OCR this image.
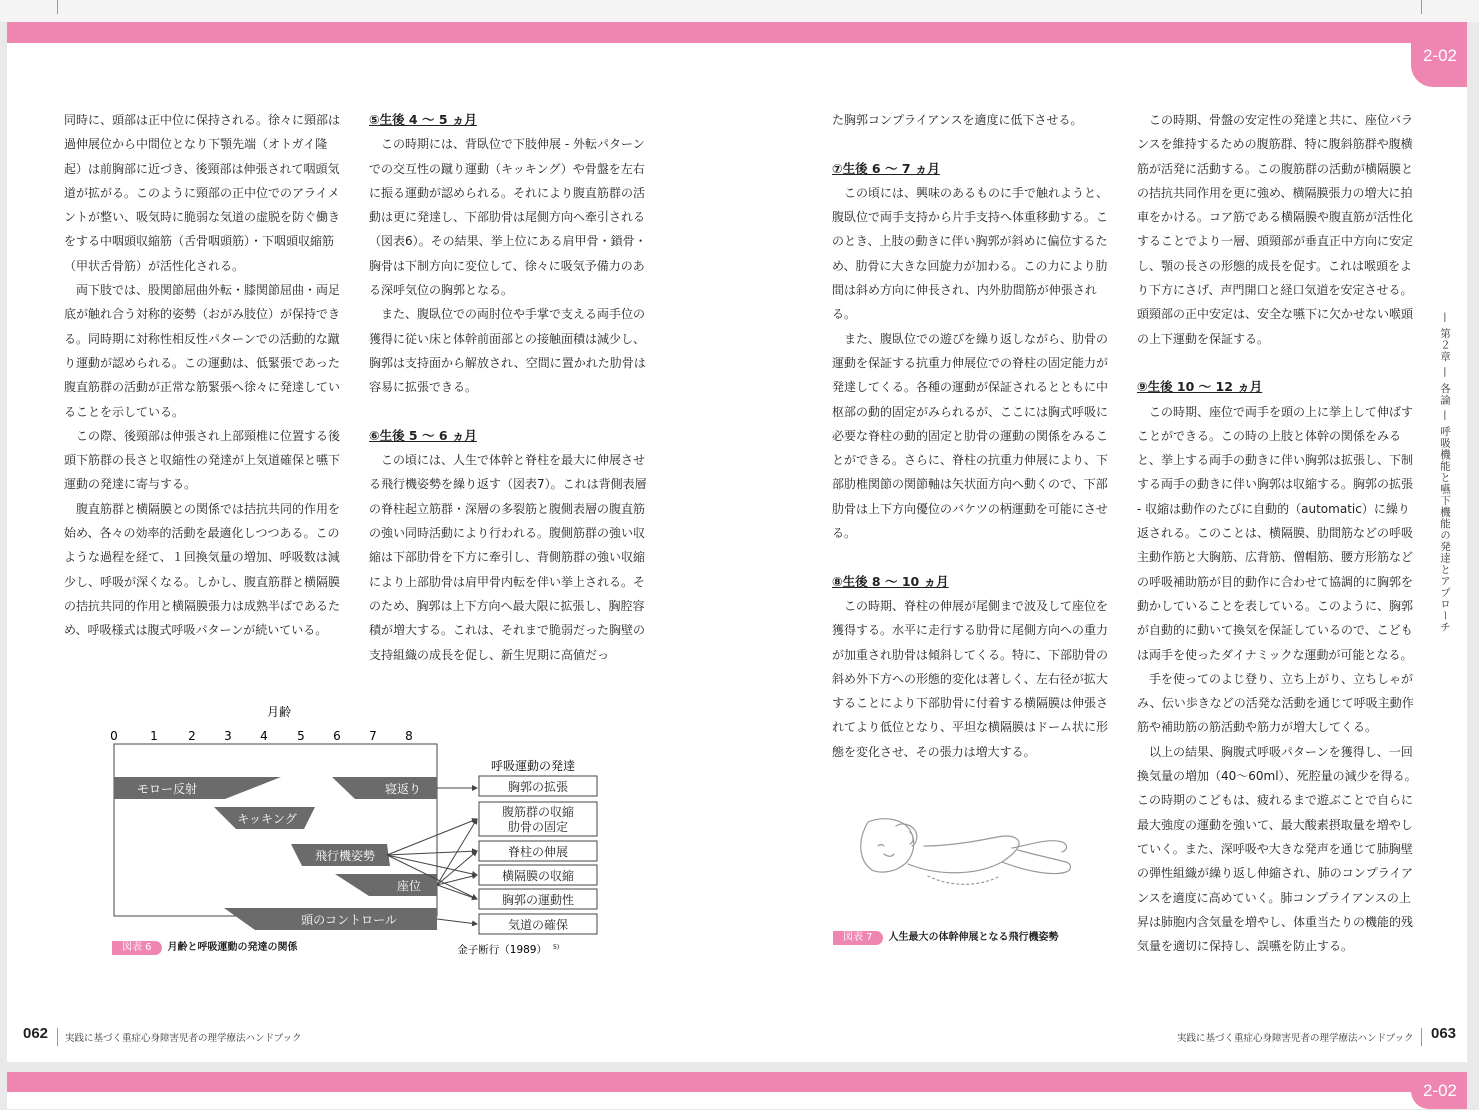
2-02

同時に、頭部は正中位に保持される。徐々に頸部は過伸展位から中間位となり下顎先端（オトガイ隆起）は前胸部に近づき、後頸部は伸張されて咽頭気道が拡がる。このように頸部の正中位でのアライメントが整い、吸気時に脆弱な気道の虚脱を防ぐ働きをする中咽頭収縮筋（舌骨咽頭筋）・下咽頭収縮筋（甲状舌骨筋）が活性化される。

両下肢では、股関節屈曲外転・膝関節屈曲・両足底が触れ合う対称的姿勢（おがみ肢位）が保持できる。同時期に対称性相反性パターンでの活動的な蹴り運動が認められる。この運動は、低緊張であった腹直筋群の活動が正常な筋緊張へ徐々に発達していることを示している。

この際、後頸部は伸張され上部頸椎に位置する後頭下筋群の長さと収縮性の発達が上気道確保と嚥下運動の発達に寄与する。

腹直筋群と横隔膜との関係では拮抗共同的作用を始め、各々の効率的活動を最適化しつつある。このような過程を経て、１回換気量の増加、呼吸数は減少し、呼吸が深くなる。しかし、腹直筋群と横隔膜の拮抗共同的作用と横隔膜張力は成熟半ばであるため、呼吸様式は腹式呼吸パターンが続いている。

⑤生後 4 〜 5 ヵ月

この時期には、背臥位で下肢伸展 - 外転パターンでの交互性の蹴り運動（キッキング）や骨盤を左右に振る運動が認められる。それにより腹直筋群の活動は更に発達し、下部肋骨は尾側方向へ牽引される（図表6）。その結果、挙上位にある肩甲骨・鎖骨・胸骨は下制方向に変位して、徐々に吸気予備力のある深呼気位の胸郭となる。

また、腹臥位での両肘位や手掌で支える両手位の獲得に従い床と体幹前面部との接触面積は減少し、胸郭は支持面から解放され、空間に置かれた肋骨は容易に拡張できる。

⑥生後 5 〜 6 ヵ月

この頃には、人生で体幹と脊柱を最大に伸展させる飛行機姿勢を繰り返す（図表7）。これは背側表層の脊柱起立筋群・深層の多裂筋と腹側表層の腹直筋の強い同時活動により行われる。腹側筋群の強い収縮は下部肋骨を下方に牽引し、背側筋群の強い収縮により上部肋骨は肩甲骨内転を伴い挙上される。そのため、胸郭は上下方向へ最大限に拡張し、胸腔容積が増大する。これは、それまで脆弱だった胸壁の支持組織の成長を促し、新生児期に高値だっ

た胸郭コンプライアンスを適度に低下させる。

⑦生後 6 〜 7 ヵ月

この頃には、興味のあるものに手で触れようと、腹臥位で両手支持から片手支持へ体重移動する。このとき、上肢の動きに伴い胸郭が斜めに偏位するため、肋骨に大きな回旋力が加わる。この力により肋間は斜め方向に伸長され、内外肋間筋が伸張される。

また、腹臥位での遊びを繰り返しながら、肋骨の運動を保証する抗重力伸展位での脊柱の固定能力が発達してくる。各種の運動が保証されるとともに中枢部の動的固定がみられるが、ここには胸式呼吸に必要な脊柱の動的固定と肋骨の運動の関係をみることができる。さらに、脊柱の抗重力伸展により、下部肋椎関節の関節軸は矢状面方向へ動くので、下部肋骨は上下方向優位のバケツの柄運動を可能にさせる。

⑧生後 8 〜 10 ヵ月

この時期、脊柱の伸展が尾側まで波及して座位を獲得する。水平に走行する肋骨に尾側方向への重力が加重され肋骨は傾斜してくる。特に、下部肋骨の斜め外下方への形態的変化は著しく、左右径が拡大することにより下部肋骨に付着する横隔膜は伸張されてより低位となり、平坦な横隔膜はドーム状に形態を変化させ、その張力は増大する。

この時期、骨盤の安定性の発達と共に、座位バランスを維持するための腹筋群、特に腹斜筋群や腹横筋が活発に活動する。この腹筋群の活動が横隔膜との拮抗共同作用を更に強め、横隔膜張力の増大に拍車をかける。コア筋である横隔膜や腹直筋が活性化することでより一層、頭頸部が垂直正中方向に安定し、顎の長さの形態的成長を促す。これは喉頭をより下方にさげ、声門開口と経口気道を安定させる。頭頸部の正中安定は、安全な嚥下に欠かせない喉頭の上下運動を保証する。

⑨生後 10 〜 12 ヵ月

この時期、座位で両手を頭の上に挙上して伸ばすことができる。この時の上肢と体幹の関係をみると、挙上する両手の動きに伴い胸郭は拡張し、下制する両手の動きに伴い胸郭は収縮する。胸郭の拡張 - 収縮は動作のたびに自動的（automatic）に繰り返される。このことは、横隔膜、肋間筋などの呼吸主動作筋と大胸筋、広背筋、僧帽筋、腰方形筋などの呼吸補助筋が目的動作に合わせて協調的に胸郭を動かしていることを表している。このように、胸郭が自動的に動いて換気を保証しているので、こどもは両手を使ったダイナミックな運動が可能となる。

手を使ってのよじ登り、立ち上がり、立ちしゃがみ、伝い歩きなどの活発な活動を通じて呼吸主動作筋や補助筋の筋活動や筋力が増大してくる。

以上の結果、胸腹式呼吸パターンを獲得し、一回換気量の増加（40〜60ml）、死腔量の減少を得る。この時期のこどもは、疲れるまで遊ぶことで自らに最大強度の運動を強いて、最大酸素摂取量を増やしていく。また、深呼吸や大きな発声を通じて肺胸壁の弾性組織が繰り返し伸縮され、肺のコンプライアンスを適度に高めていく。肺コンプライアンスの上昇は肺胞内含気量を増やし、体重当たりの機能的残気量を適切に保持し、誤嚥を防止する。

— 第２章 — 各論 — 呼吸機能と嚥下機能の発達とアプローチ
月齢
0	1	2 3 4 5 6 7 8
モロー反射	寝返り
キッキング
飛行機姿勢
座位
頭のコントロール
呼吸運動の発達
胸郭の拡張
腹筋群の収縮
肋骨の固定
脊柱の伸展
横隔膜の収縮
胸郭の運動性
気道の確保
金子断行（1989） 5)
図表 6 月齢と呼吸運動の発達の関係
図表 7 人生最大の体幹伸展となる飛行機姿勢
062 実践に基づく重症心身障害児者の理学療法ハンドブック	実践に基づく重症心身障害児者の理学療法ハンドブック 063
2-02
